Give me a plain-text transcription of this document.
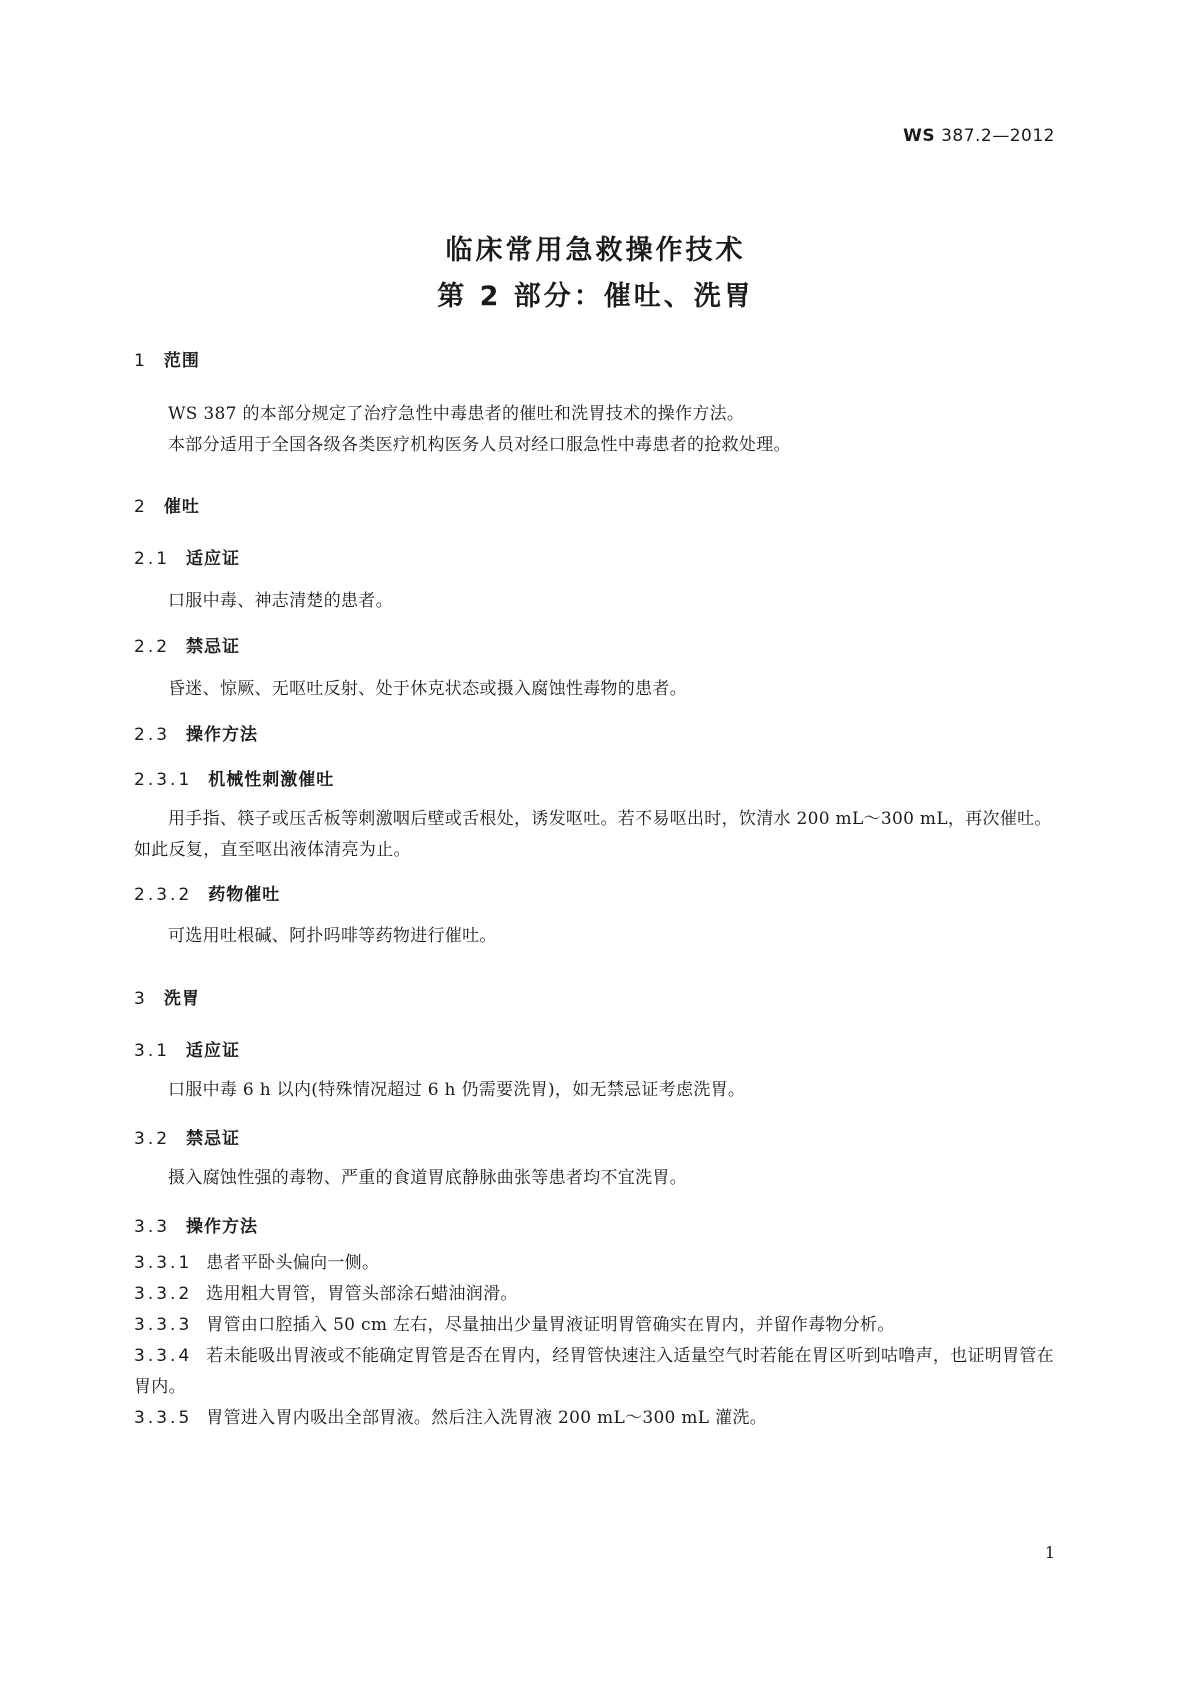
WS 387.2—2012
临床常用急救操作技术
第 2 部分：催吐、洗胃
1 范围
WS 387 的本部分规定了治疗急性中毒患者的催吐和洗胃技术的操作方法。
本部分适用于全国各级各类医疗机构医务人员对经口服急性中毒患者的抢救处理。
2 催吐
2.1 适应证
口服中毒、神志清楚的患者。
2.2 禁忌证
昏迷、惊厥、无呕吐反射、处于休克状态或摄入腐蚀性毒物的患者。
2.3 操作方法
2.3.1 机械性刺激催吐
用手指、筷子或压舌板等刺激咽后壁或舌根处，诱发呕吐。若不易呕出时，饮清水 200 mL～300 mL，再次催吐。如此反复，直至呕出液体清亮为止。
2.3.2 药物催吐
可选用吐根碱、阿扑吗啡等药物进行催吐。
3 洗胃
3.1 适应证
口服中毒 6 h 以内(特殊情况超过 6 h 仍需要洗胃)，如无禁忌证考虑洗胃。
3.2 禁忌证
摄入腐蚀性强的毒物、严重的食道胃底静脉曲张等患者均不宜洗胃。
3.3 操作方法
3.3.1 患者平卧头偏向一侧。
3.3.2 选用粗大胃管，胃管头部涂石蜡油润滑。
3.3.3 胃管由口腔插入 50 cm 左右，尽量抽出少量胃液证明胃管确实在胃内，并留作毒物分析。
3.3.4 若未能吸出胃液或不能确定胃管是否在胃内，经胃管快速注入适量空气时若能在胃区听到咕噜声，也证明胃管在胃内。
3.3.5 胃管进入胃内吸出全部胃液。然后注入洗胃液 200 mL～300 mL 灌洗。
1
